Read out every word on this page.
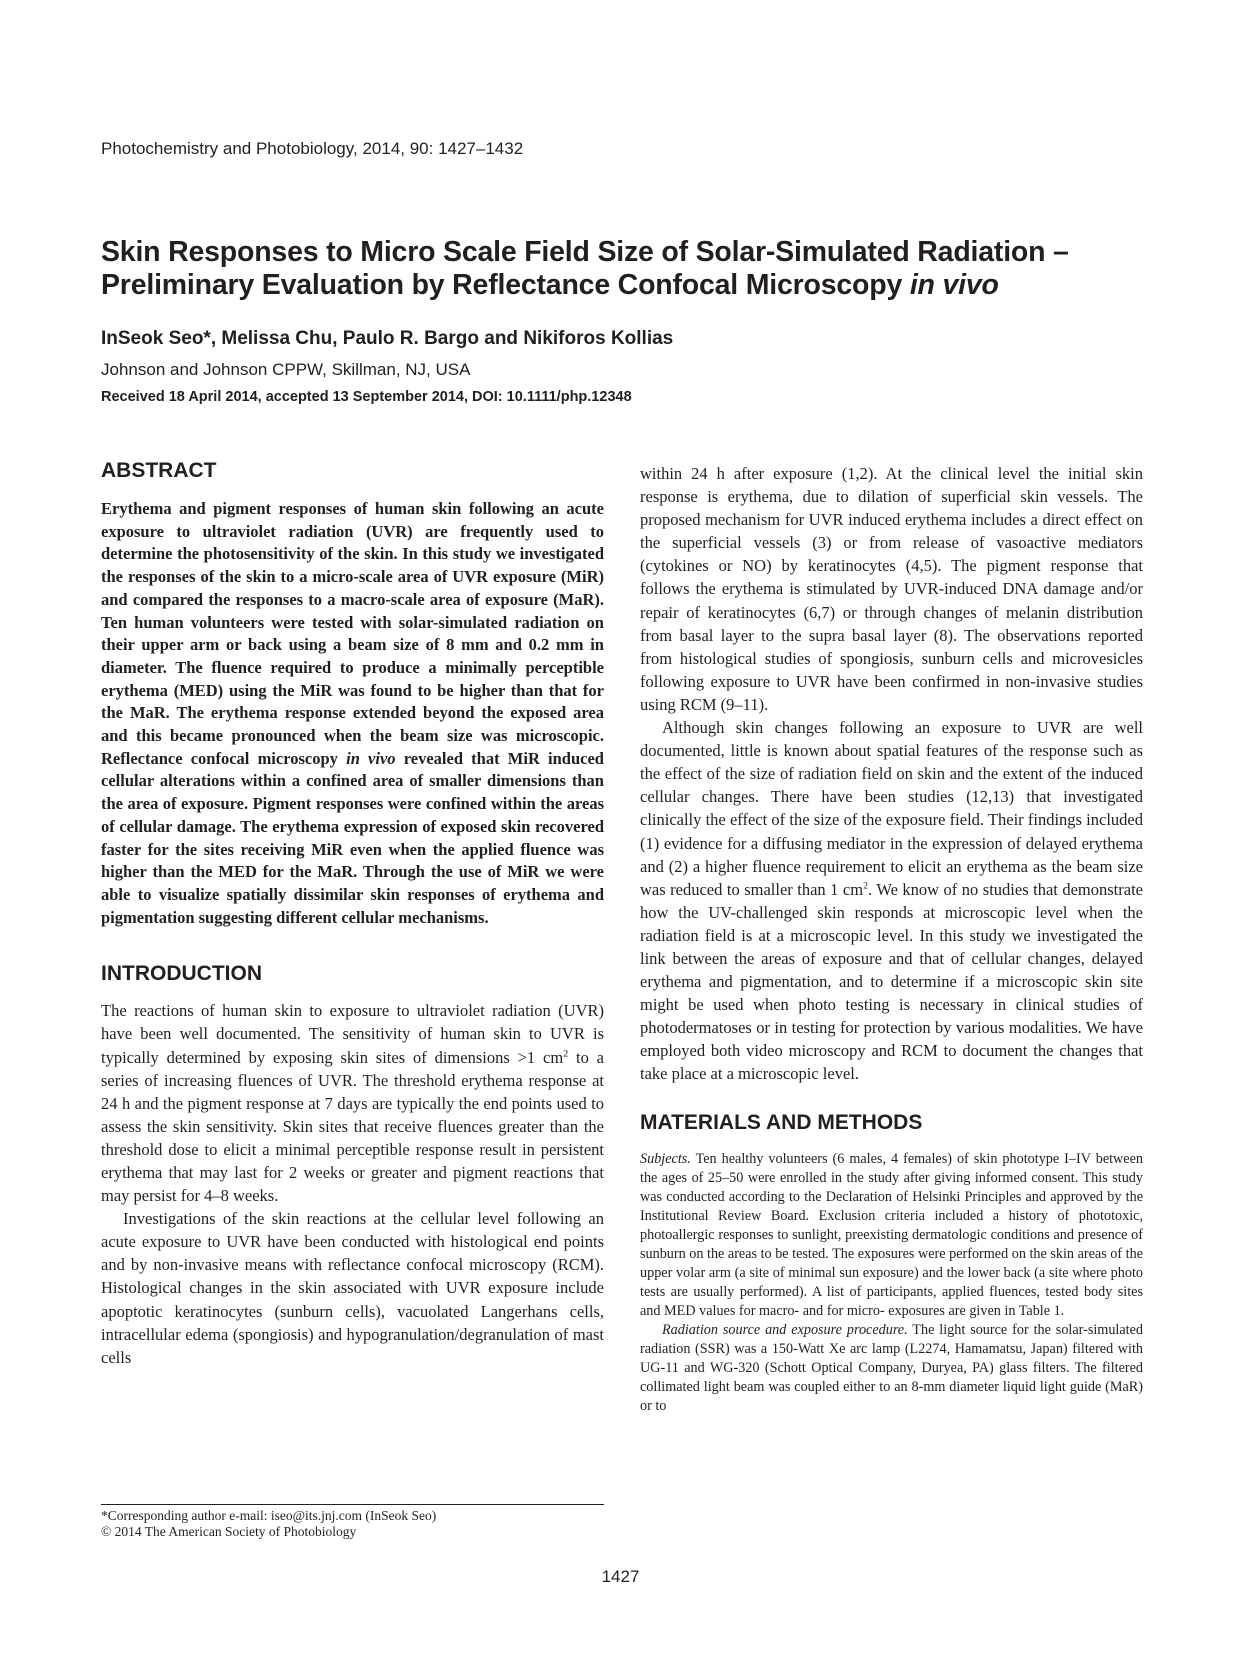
Photochemistry and Photobiology, 2014, 90: 1427–1432
Skin Responses to Micro Scale Field Size of Solar-Simulated Radiation –
Preliminary Evaluation by Reflectance Confocal Microscopy in vivo
InSeok Seo*, Melissa Chu, Paulo R. Bargo and Nikiforos Kollias
Johnson and Johnson CPPW, Skillman, NJ, USA
Received 18 April 2014, accepted 13 September 2014, DOI: 10.1111/php.12348
ABSTRACT

Erythema and pigment responses of human skin following an acute exposure to ultraviolet radiation (UVR) are frequently used to determine the photosensitivity of the skin. In this study we investigated the responses of the skin to a micro-scale area of UVR exposure (MiR) and compared the responses to a macro-scale area of exposure (MaR). Ten human volunteers were tested with solar-simulated radiation on their upper arm or back using a beam size of 8 mm and 0.2 mm in diameter. The fluence required to produce a minimally perceptible erythema (MED) using the MiR was found to be higher than that for the MaR. The erythema response extended beyond the exposed area and this became pronounced when the beam size was microscopic. Reflectance confocal microscopy in vivo revealed that MiR induced cellular alterations within a confined area of smaller dimensions than the area of exposure. Pigment responses were confined within the areas of cellular damage. The erythema expression of exposed skin recovered faster for the sites receiving MiR even when the applied fluence was higher than the MED for the MaR. Through the use of MiR we were able to visualize spatially dissimilar skin responses of erythema and pigmentation suggesting different cellular mechanisms.

INTRODUCTION

The reactions of human skin to exposure to ultraviolet radiation (UVR) have been well documented. The sensitivity of human skin to UVR is typically determined by exposing skin sites of dimensions >1 $cm^2$ to a series of increasing fluences of UVR. The threshold erythema response at 24 h and the pigment response at 7 days are typically the end points used to assess the skin sensitivity. Skin sites that receive fluences greater than the threshold dose to elicit a minimal perceptible response result in persistent erythema that may last for 2 weeks or greater and pigment reactions that may persist for 4–8 weeks.

Investigations of the skin reactions at the cellular level following an acute exposure to UVR have been conducted with histological end points and by non-invasive means with reflectance confocal microscopy (RCM). Histological changes in the skin associated with UVR exposure include apoptotic keratinocytes (sunburn cells), vacuolated Langerhans cells, intracellular edema (spongiosis) and hypogranulation/degranulation of mast cells

within 24 h after exposure (1,2). At the clinical level the initial skin response is erythema, due to dilation of superficial skin vessels. The proposed mechanism for UVR induced erythema includes a direct effect on the superficial vessels (3) or from release of vasoactive mediators (cytokines or NO) by keratinocytes (4,5). The pigment response that follows the erythema is stimulated by UVR-induced DNA damage and/or repair of keratinocytes (6,7) or through changes of melanin distribution from basal layer to the supra basal layer (8). The observations reported from histological studies of spongiosis, sunburn cells and microvesicles following exposure to UVR have been confirmed in non-invasive studies using RCM (9–11).

Although skin changes following an exposure to UVR are well documented, little is known about spatial features of the response such as the effect of the size of radiation field on skin and the extent of the induced cellular changes. There have been studies (12,13) that investigated clinically the effect of the size of the exposure field. Their findings included (1) evidence for a diffusing mediator in the expression of delayed erythema and (2) a higher fluence requirement to elicit an erythema as the beam size was reduced to smaller than 1 $cm^2$. We know of no studies that demonstrate how the UV-challenged skin responds at microscopic level when the radiation field is at a microscopic level. In this study we investigated the link between the areas of exposure and that of cellular changes, delayed erythema and pigmentation, and to determine if a microscopic skin site might be used when photo testing is necessary in clinical studies of photodermatoses or in testing for protection by various modalities. We have employed both video microscopy and RCM to document the changes that take place at a microscopic level.

MATERIALS AND METHODS

Subjects. Ten healthy volunteers (6 males, 4 females) of skin phototype I–IV between the ages of 25–50 were enrolled in the study after giving informed consent. This study was conducted according to the Declaration of Helsinki Principles and approved by the Institutional Review Board. Exclusion criteria included a history of phototoxic, photoallergic responses to sunlight, preexisting dermatologic conditions and presence of sunburn on the areas to be tested. The exposures were performed on the skin areas of the upper volar arm (a site of minimal sun exposure) and the lower back (a site where photo tests are usually performed). A list of participants, applied fluences, tested body sites and MED values for macro- and for micro- exposures are given in Table 1.

Radiation source and exposure procedure. The light source for the solar-simulated radiation (SSR) was a 150-Watt Xe arc lamp (L2274, Hamamatsu, Japan) filtered with UG-11 and WG-320 (Schott Optical Company, Duryea, PA) glass filters. The filtered collimated light beam was coupled either to an 8-mm diameter liquid light guide (MaR) or to

*Corresponding author e-mail: iseo@its.jnj.com (InSeok Seo)
© 2014 The American Society of Photobiology
1427
